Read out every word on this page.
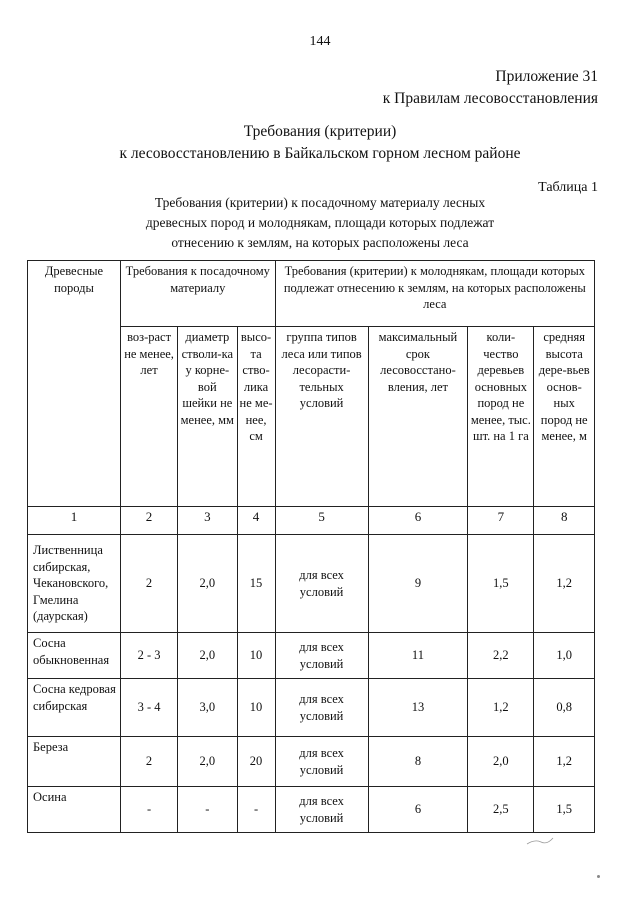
144
Приложение 31
к Правилам лесовосстановления
Требования (критерии)
к лесовосстановлению в Байкальском горном лесном районе
Таблица 1
Требования (критерии) к посадочному материалу лесных
древесных пород и молоднякам, площади которых подлежат
отнесению к землям, на которых расположены леса
Древесные породы	Требования к посадочному материалу			Требования (критерии) к молоднякам, площади которых подлежат отнесению к землям, на которых расположены леса			
	воз-раст не менее, лет	диаметр стволи-ка у корне-вой шейки не менее, мм	высо-та ство-лика не ме-нее, см	группа типов леса или типов лесорасти-тельных условий	максимальный срок лесовосстано-вления, лет	коли-чество деревьев основных пород не менее, тыс. шт. на 1 га	средняя высота дере-вьев основ-ных пород не менее, м
1	2	3	4	5	6	7	8
Лиственница сибирская, Чекановского, Гмелина (даурская)	2	2,0	15	для всех условий	9	1,5	1,2
Сосна обыкновенная	2 - 3	2,0	10	для всех условий	11	2,2	1,0
Сосна кедровая сибирская	3 - 4	3,0	10	для всех условий	13	1,2	0,8
Береза	2	2,0	20	для всех условий	8	2,0	1,2
Осина	-	-	-	для всех условий	6	2,5	1,5
